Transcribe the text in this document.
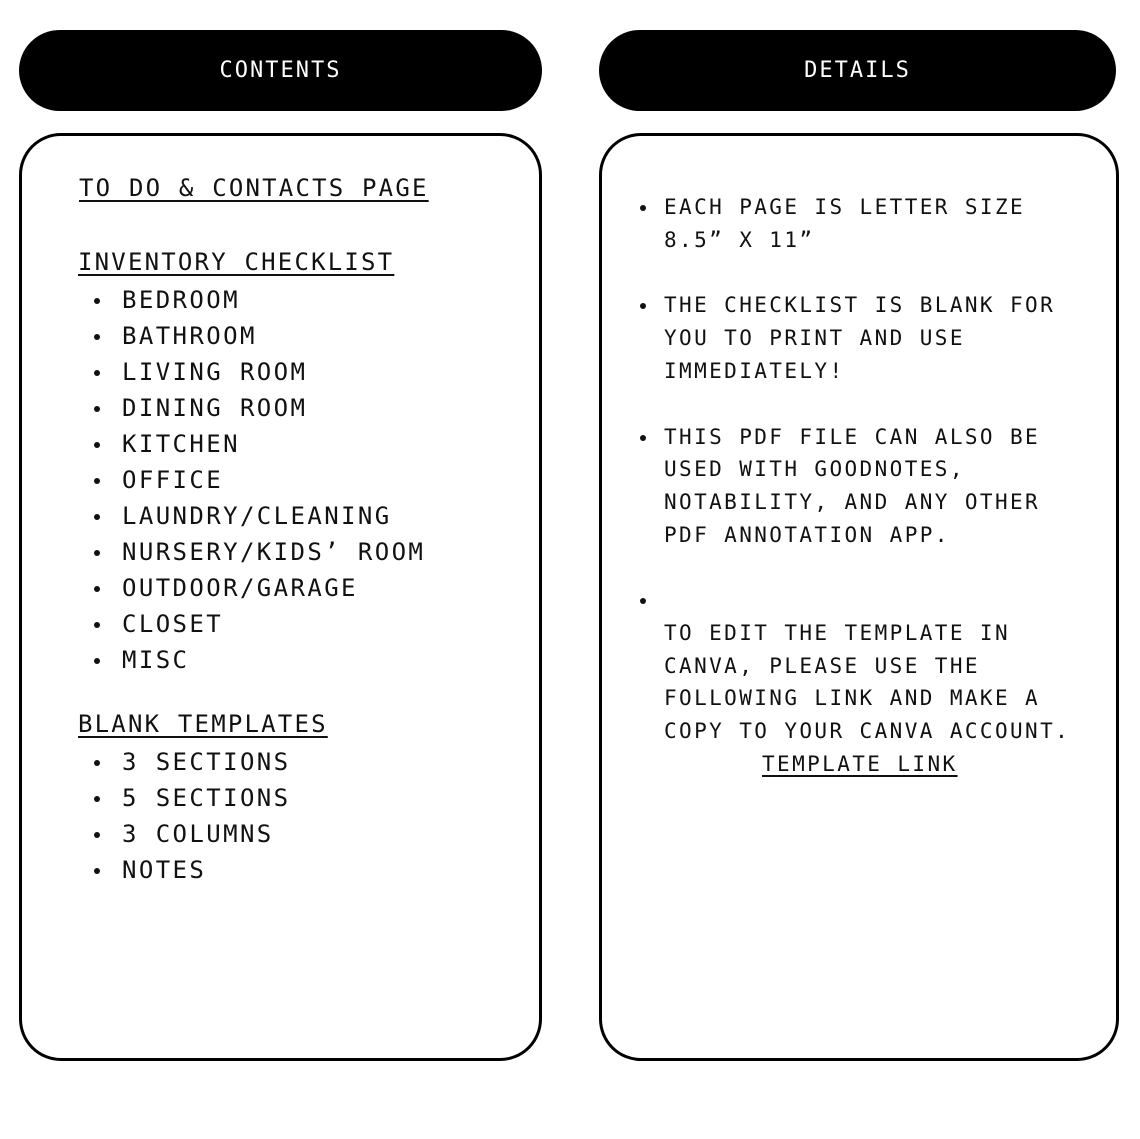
CONTENTS
TO DO & CONTACTS PAGE
INVENTORY CHECKLIST
BEDROOM
BATHROOM
LIVING ROOM
DINING ROOM
KITCHEN
OFFICE
LAUNDRY/CLEANING
NURSERY/KIDS’ ROOM
OUTDOOR/GARAGE
CLOSET
MISC
BLANK TEMPLATES
3 SECTIONS
5 SECTIONS
3 COLUMNS
NOTES
DETAILS
EACH PAGE IS LETTER SIZE
8.5” X 11”
THE CHECKLIST IS BLANK FOR
YOU TO PRINT AND USE
IMMEDIATELY!
THIS PDF FILE CAN ALSO BE
USED WITH GOODNOTES,
NOTABILITY, AND ANY OTHER
PDF ANNOTATION APP.

TO EDIT THE TEMPLATE IN
CANVA, PLEASE USE THE
FOLLOWING LINK AND MAKE A
COPY TO YOUR CANVA ACCOUNT.

TEMPLATE LINK
